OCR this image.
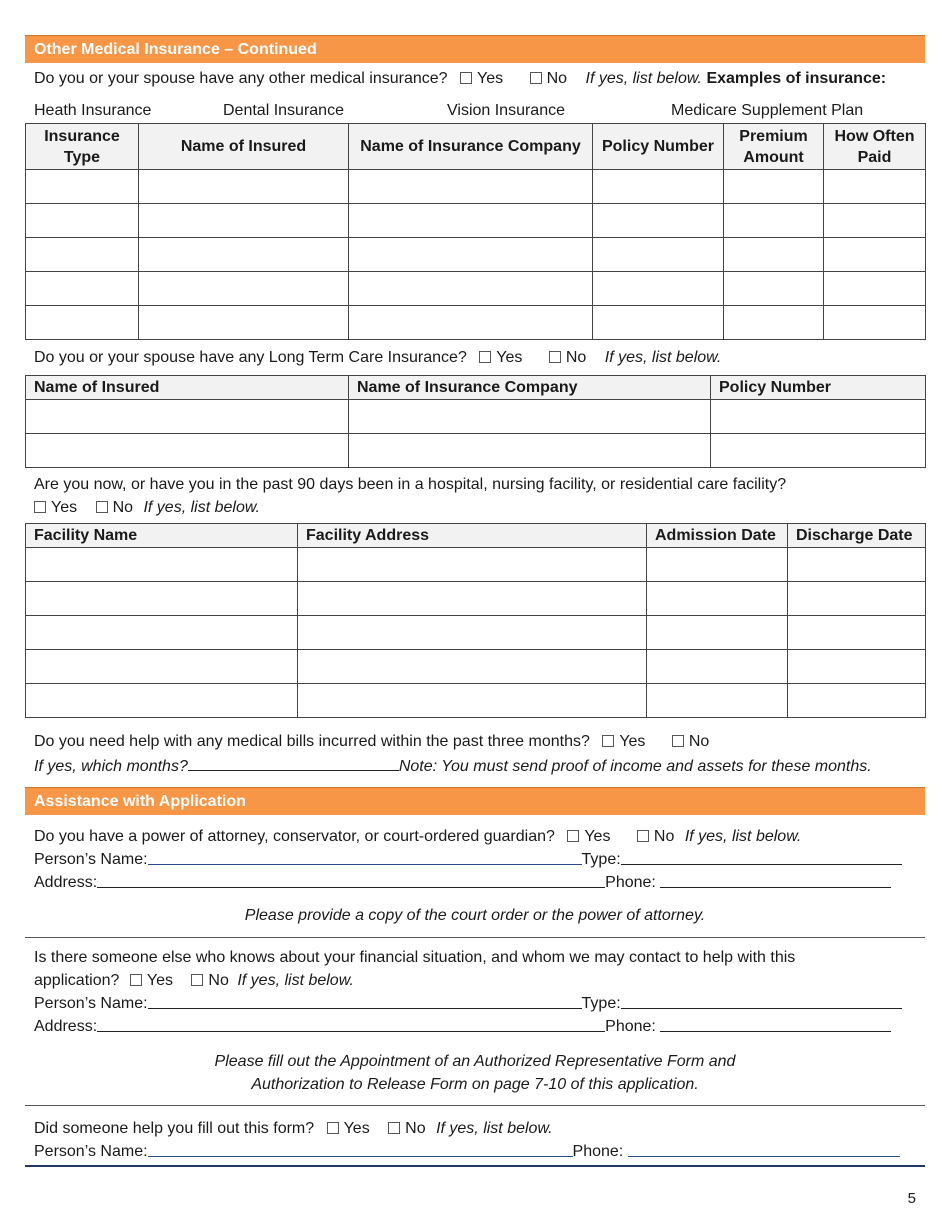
Other Medical Insurance – Continued
Do you or your spouse have any other medical insurance? Yes	No If yes, list below. Examples of insurance:
Heath Insurance	Dental Insurance	Vision Insurance	Medicare Supplement Plan
Insurance Type	Name of Insured	Name of Insurance Company	Policy Number	Premium Amount	How Often Paid

Do you or your spouse have any Long Term Care Insurance? Yes	No If yes, list below.
Name of Insured	Name of Insurance Company	Policy Number

Are you now, or have you in the past 90 days been in a hospital, nursing facility, or residential care facility?
Yes No If yes, list below.
Facility Name	Facility Address	Admission Date	Discharge Date

Do you need help with any medical bills incurred within the past three months? Yes	No
If yes, which months?	Note: You must send proof of income and assets for these months.
Assistance with Application
Do you have a power of attorney, conservator, or court-ordered guardian? Yes	No If yes, list below.
Person’s Name:	Type:
Address:	Phone:
Please provide a copy of the court order or the power of attorney.
Is there someone else who knows about your financial situation, and whom we may contact to help with this
application? Yes No If yes, list below.
Person’s Name:	Type:
Address:	Phone:
Please fill out the Appointment of an Authorized Representative Form and
Authorization to Release Form on page 7-10 of this application.
Did someone help you fill out this form? Yes No If yes, list below.
Person’s Name:	Phone:
5
